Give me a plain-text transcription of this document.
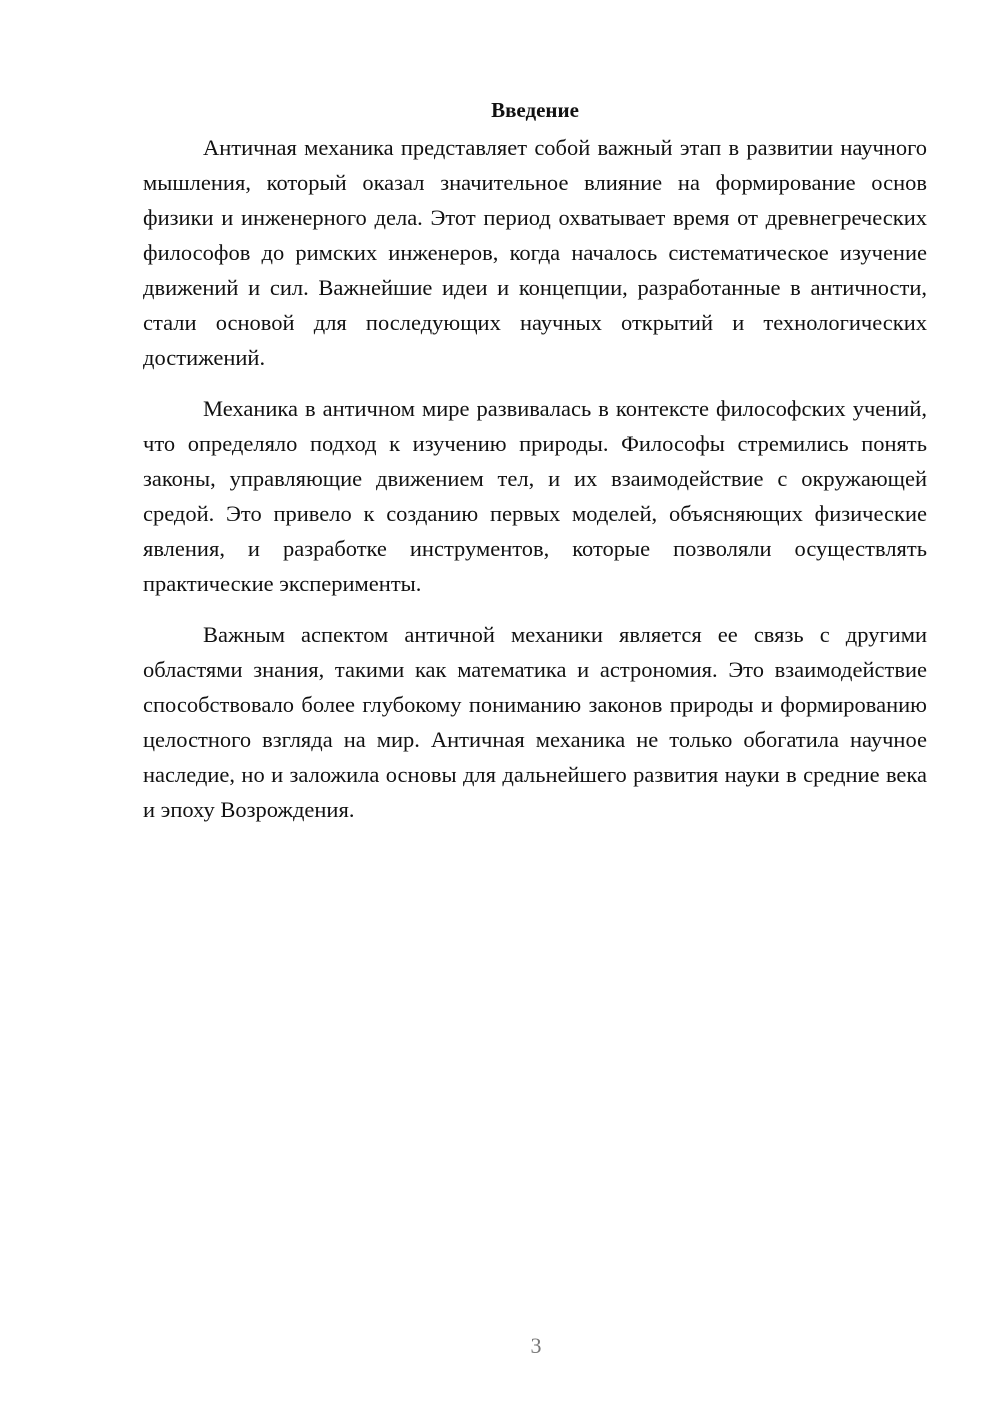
Введение

Античная механика представляет собой важный этап в развитии научного мышления, который оказал значительное влияние на формирование основ физики и инженерного дела. Этот период охватывает время от древнегреческих философов до римских инженеров, когда началось систематическое изучение движений и сил. Важнейшие идеи и концепции, разработанные в античности, стали основой для последующих научных открытий и технологических достижений.

Механика в античном мире развивалась в контексте философских учений, что определяло подход к изучению природы. Философы стремились понять законы, управляющие движением тел, и их взаимодействие с окружающей средой. Это привело к созданию первых моделей, объясняющих физические явления, и разработке инструментов, которые позволяли осуществлять практические эксперименты.

Важным аспектом античной механики является ее связь с другими областями знания, такими как математика и астрономия. Это взаимодействие способствовало более глубокому пониманию законов природы и формированию целостного взгляда на мир. Античная механика не только обогатила научное наследие, но и заложила основы для дальнейшего развития науки в средние века и эпоху Возрождения.

3
